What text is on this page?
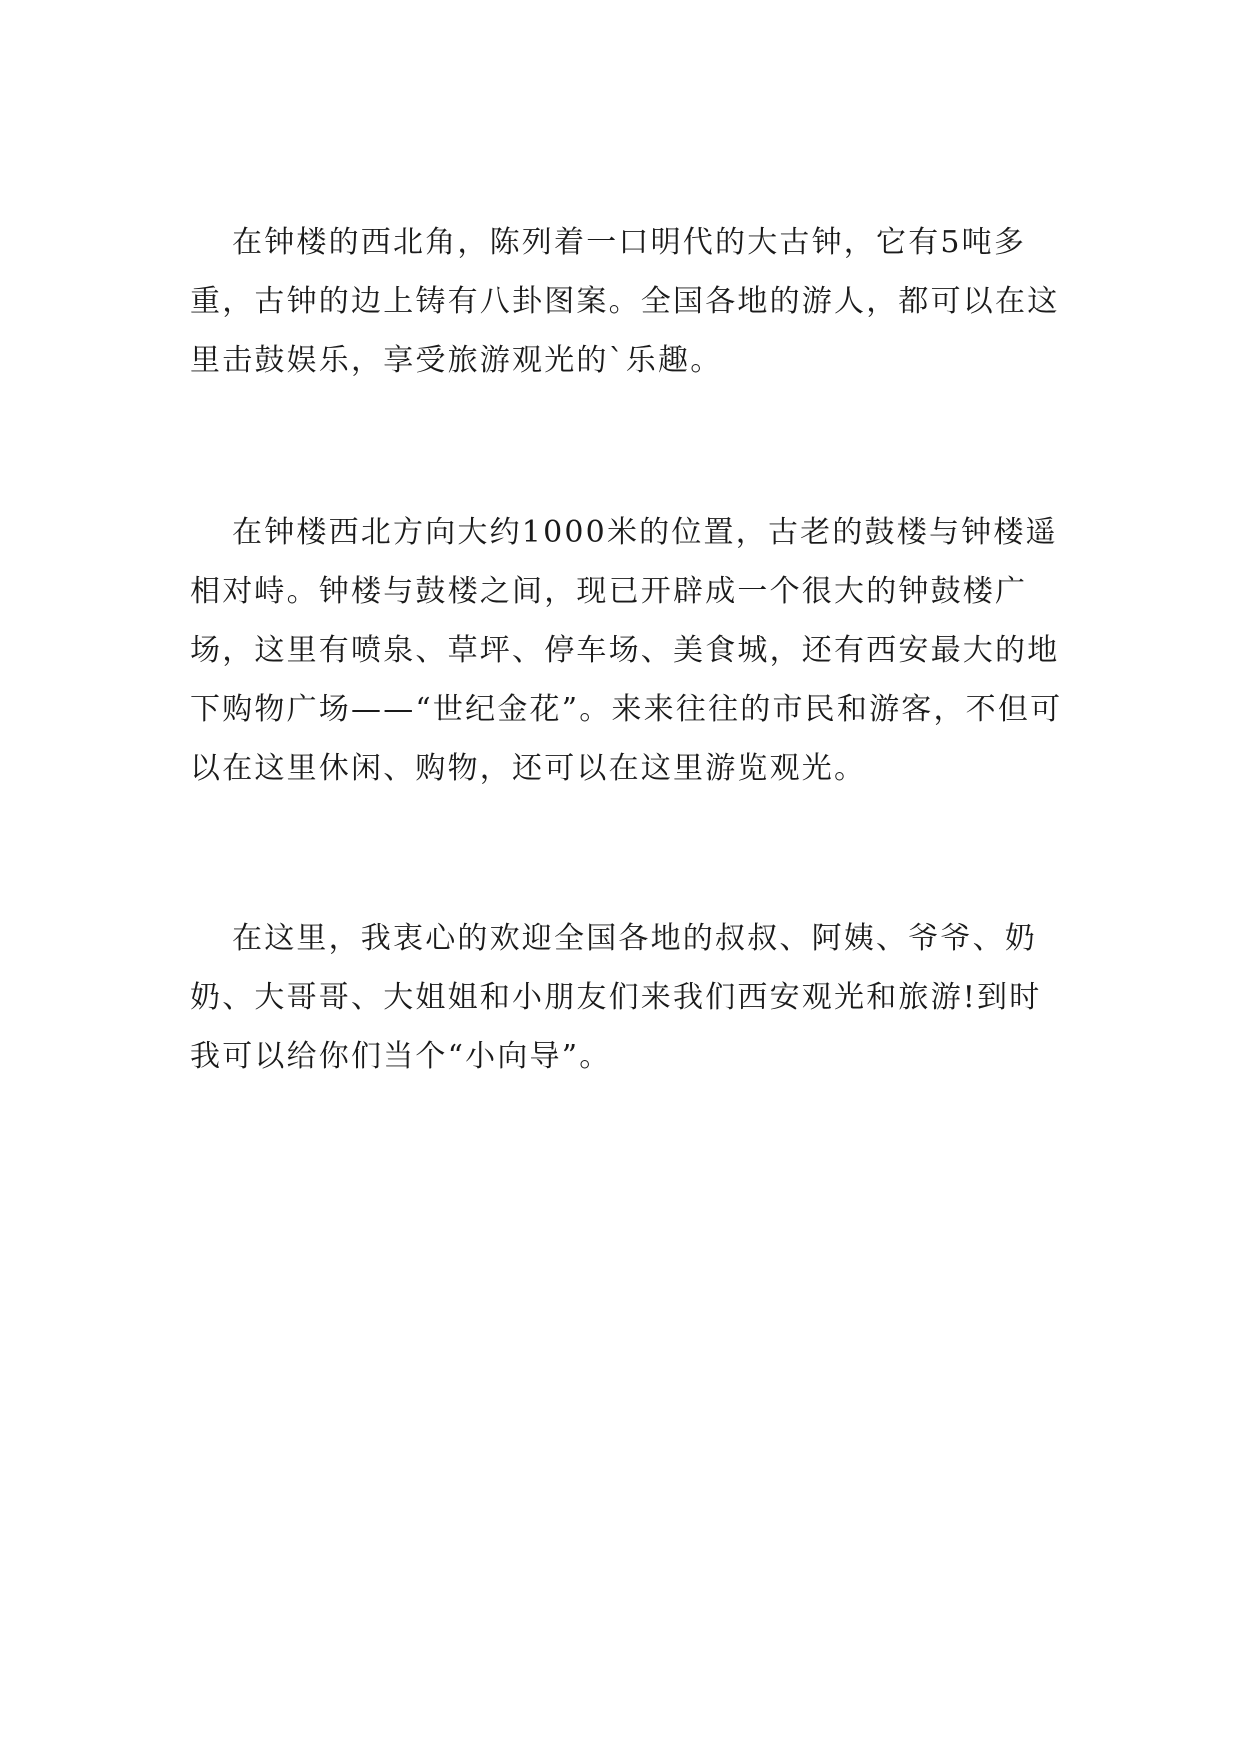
在钟楼的西北角，陈列着一口明代的大古钟，它有5吨多重，古钟的边上铸有八卦图案。全国各地的游人，都可以在这里击鼓娱乐，享受旅游观光的`乐趣。

在钟楼西北方向大约1000米的位置，古老的鼓楼与钟楼遥相对峙。钟楼与鼓楼之间，现已开辟成一个很大的钟鼓楼广场，这里有喷泉、草坪、停车场、美食城，还有西安最大的地下购物广场——“世纪金花”。来来往往的市民和游客，不但可以在这里休闲、购物，还可以在这里游览观光。

在这里，我衷心的欢迎全国各地的叔叔、阿姨、爷爷、奶奶、大哥哥、大姐姐和小朋友们来我们西安观光和旅游!到时我可以给你们当个“小向导”。
